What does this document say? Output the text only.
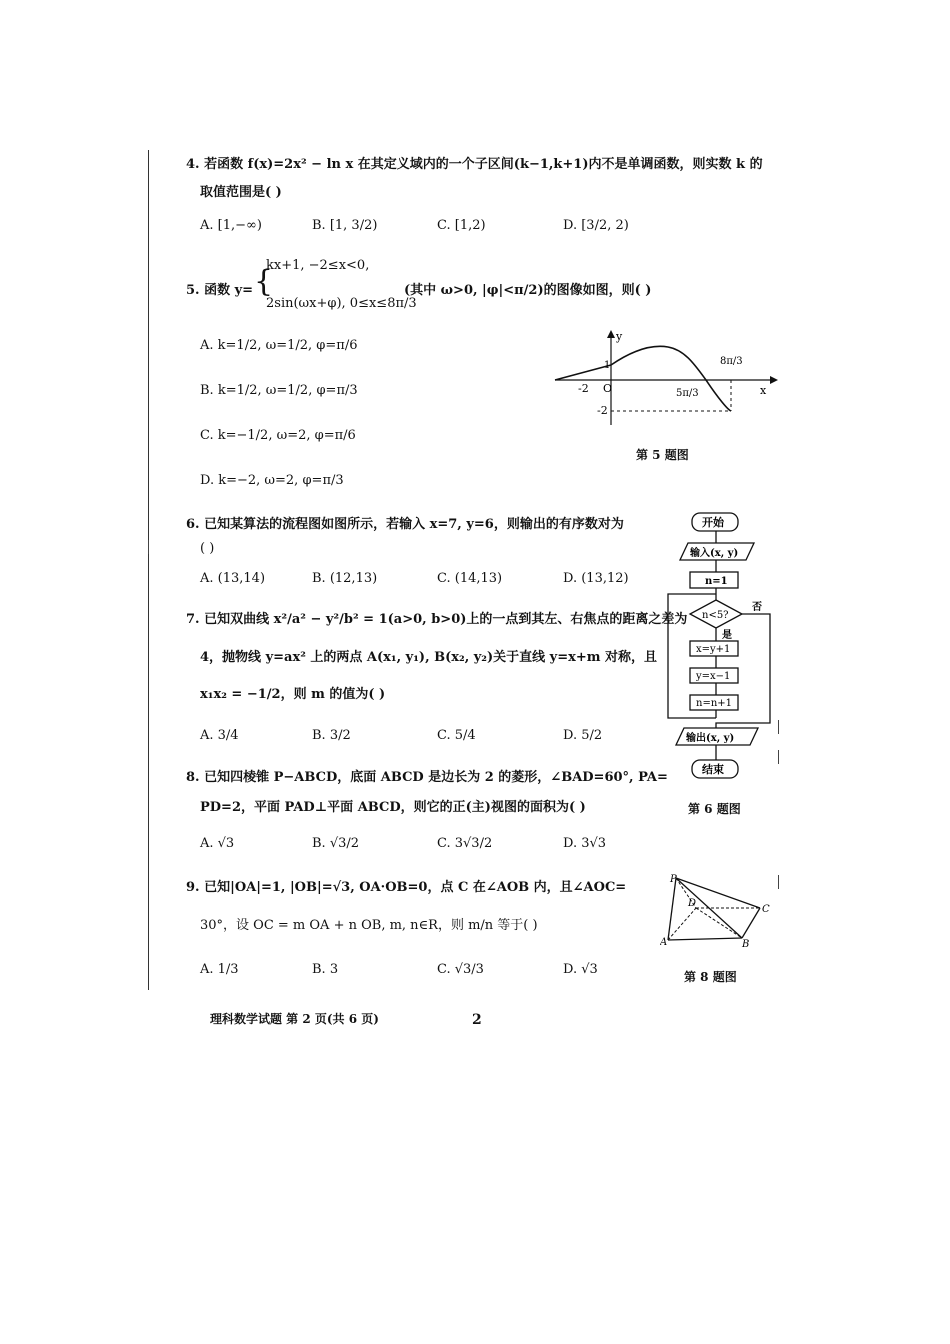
4. 若函数 f(x)=2x² − ln x 在其定义域内的一个子区间(k−1,k+1)内不是单调函数，则实数 k 的
取值范围是( )
A. [1,−∞)	B. [1, 3/2)	C. [1,2)	D. [3/2, 2)
5. 函数 y= {
kx+1, −2≤x<0,
2sin(ωx+φ), 0≤x≤8π/3
(其中 ω>0, |φ|<π/2)的图像如图，则( )
A. k=1/2, ω=1/2, φ=π/6
B. k=1/2, ω=1/2, φ=π/3
C. k=−1/2, ω=2, φ=π/6
D. k=−2, ω=2, φ=π/3
y
x
O
-2
1
-2
5π/3
8π/3
第 5 题图
6. 已知某算法的流程图如图所示，若输入 x=7, y=6，则输出的有序数对为
( )
A. (13,14)	B. (12,13)	C. (14,13)	D. (13,12)
开始
输入(x, y)
n=1
n<5?
否
是
x=y+1
y=x−1
n=n+1
输出(x, y)
结束
第 6 题图
7. 已知双曲线 x²/a² − y²/b² = 1(a>0, b>0)上的一点到其左、右焦点的距离之差为
4，抛物线 y=ax² 上的两点 A(x₁, y₁), B(x₂, y₂)关于直线 y=x+m 对称，且
x₁x₂ = −1/2，则 m 的值为( )
A. 3/4	B. 3/2	C. 5/4	D. 5/2
8. 已知四棱锥 P−ABCD，底面 ABCD 是边长为 2 的菱形，∠BAD=60°, PA=
PD=2，平面 PAD⊥平面 ABCD，则它的正(主)视图的面积为( )
A. √3	B. √3/2	C. 3√3/2	D. 3√3
P
D
C
A	B
第 8 题图
9. 已知|OA|=1, |OB|=√3, OA·OB=0，点 C 在∠AOB 内，且∠AOC=
30°，设 OC = m OA + n OB, m, n∈R，则 m/n 等于( )
A. 1/3	B. 3	C. √3/3	D. √3
理科数学试题 第 2 页(共 6 页)	2
